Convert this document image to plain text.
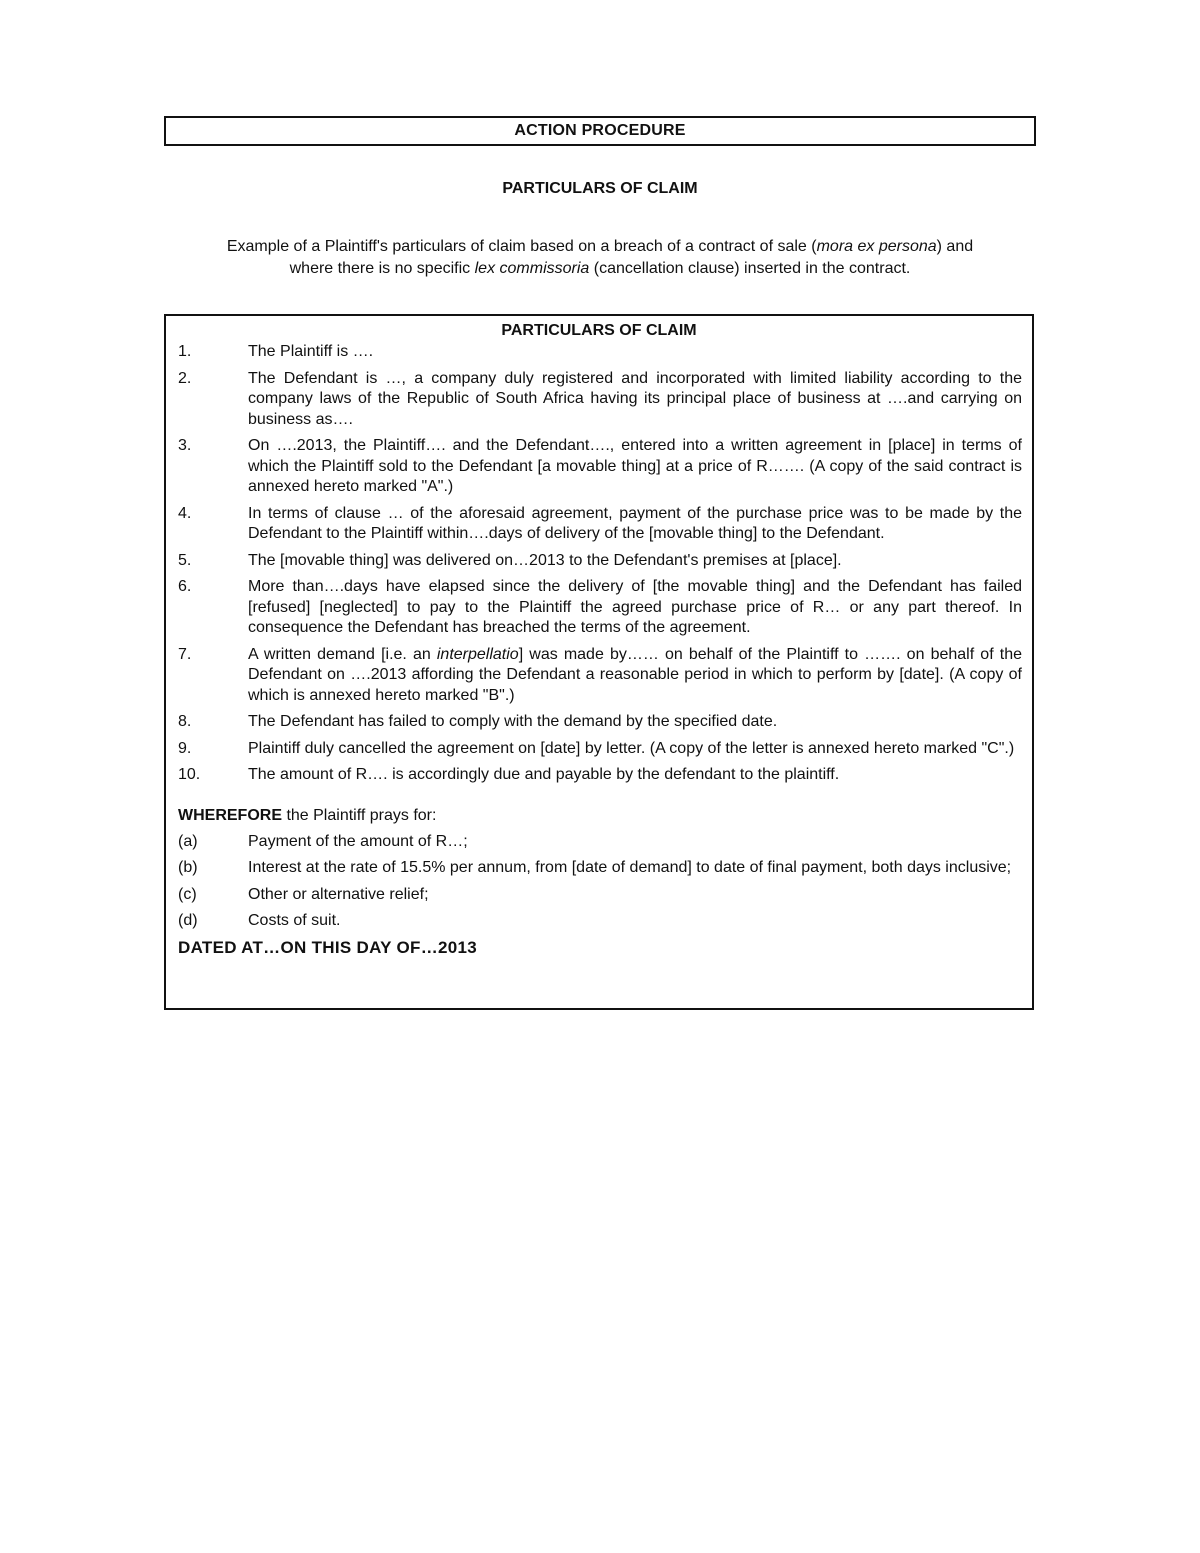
ACTION PROCEDURE
PARTICULARS OF CLAIM
Example of a Plaintiff's particulars of claim based on a breach of a contract of sale (mora ex persona) and
where there is no specific lex commissoria (cancellation clause) inserted in the contract.
PARTICULARS OF CLAIM
1.	The Plaintiff is ….
2.	The Defendant is …, a company duly registered and incorporated with limited liability according to the company laws of the Republic of South Africa having its principal place of business at ….and carrying on business as….
3.	On ….2013, the Plaintiff…. and the Defendant…., entered into a written agreement in [place] in terms of which the Plaintiff sold to the Defendant [a movable thing] at a price of R……. (A copy of the said contract is annexed hereto marked "A".)
4.	In terms of clause … of the aforesaid agreement, payment of the purchase price was to be made by the Defendant to the Plaintiff within….days of delivery of the [movable thing] to the Defendant.
5.	The [movable thing] was delivered on…2013 to the Defendant's premises at [place].
6.	More than….days have elapsed since the delivery of [the movable thing] and the Defendant has failed [refused] [neglected] to pay to the Plaintiff the agreed purchase price of R… or any part thereof. In consequence the Defendant has breached the terms of the agreement.
7.	A written demand [i.e. an interpellatio] was made by…… on behalf of the Plaintiff to ……. on behalf of the Defendant on ….2013 affording the Defendant a reasonable period in which to perform by [date]. (A copy of which is annexed hereto marked "B".)
8.	The Defendant has failed to comply with the demand by the specified date.
9.	Plaintiff duly cancelled the agreement on [date] by letter. (A copy of the letter is annexed hereto marked "C".)
10.	The amount of R…. is accordingly due and payable by the defendant to the plaintiff.
WHEREFORE the Plaintiff prays for:
(a)	Payment of the amount of R…;
(b)	Interest at the rate of 15.5% per annum, from [date of demand] to date of final payment, both days inclusive;
(c)	Other or alternative relief;
(d)	Costs of suit.
DATED AT…ON THIS DAY OF…2013
